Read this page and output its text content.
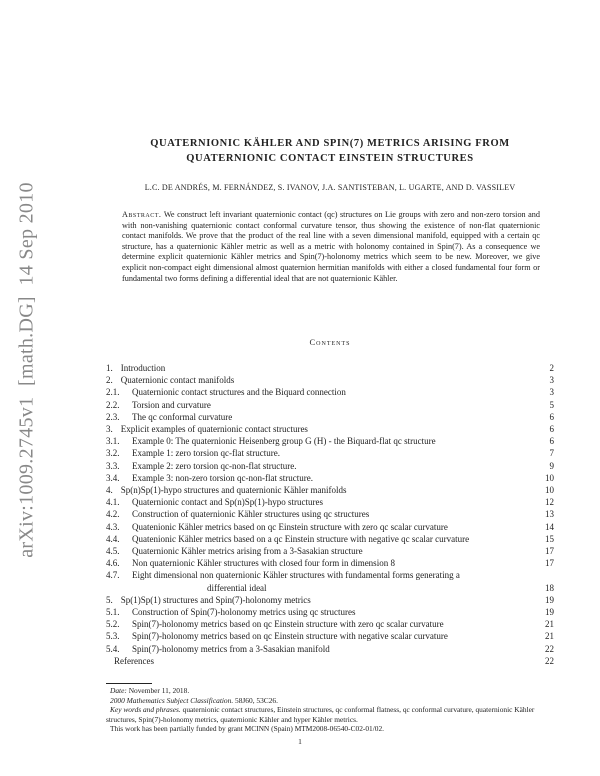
arXiv:1009.2745v1  [math.DG]  14 Sep 2010
QUATERNIONIC KÄHLER AND SPIN(7) METRICS ARISING FROM
QUATERNIONIC CONTACT EINSTEIN STRUCTURES
L.C. DE ANDRÉS, M. FERNÁNDEZ, S. IVANOV, J.A. SANTISTEBAN, L. UGARTE, AND D. VASSILEV
Abstract. We construct left invariant quaternionic contact (qc) structures on Lie groups with zero and non-zero torsion and with non-vanishing quaternionic contact conformal curvature tensor, thus showing the existence of non-flat quaternionic contact manifolds. We prove that the product of the real line with a seven dimensional manifold, equipped with a certain qc structure, has a quaternionic Kähler metric as well as a metric with holonomy contained in Spin(7). As a consequence we determine explicit quaternionic Kähler metrics and Spin(7)-holonomy metrics which seem to be new. Moreover, we give explicit non-compact eight dimensional almost quaternion hermitian manifolds with either a closed fundamental four form or fundamental two forms defining a differential ideal that are not quaternionic Kähler.
Contents
1. Introduction	2
2. Quaternionic contact manifolds	3
2.1.	Quaternionic contact structures and the Biquard connection	3
2.2.	Torsion and curvature	5
2.3.	The qc conformal curvature	6
3. Explicit examples of quaternionic contact structures	6
3.1.	Example 0: The quaternionic Heisenberg group G (H) - the Biquard-flat qc structure	6
3.2.	Example 1: zero torsion qc-flat structure.	7
3.3.	Example 2: zero torsion qc-non-flat structure.	9
3.4.	Example 3: non-zero torsion qc-non-flat structure.	10
4. Sp(n)Sp(1)-hypo structures and quaternionic Kähler manifolds	10
4.1.	Quaternionic contact and Sp(n)Sp(1)-hypo structures	12
4.2.	Construction of quaternionic Kähler structures using qc structures	13
4.3.	Quatenionic Kähler metrics based on qc Einstein structure with zero qc scalar curvature	14
4.4.	Quatenionic Kähler metrics based on a qc Einstein structure with negative qc scalar curvature	15
4.5.	Quaternionic Kähler metrics arising from a 3-Sasakian structure	17
4.6.	Non quaternionic Kähler structures with closed four form in dimension 8	17
4.7.	Eight dimensional non quaternionic Kähler structures with fundamental forms generating a
differential ideal	18
5. Sp(1)Sp(1) structures and Spin(7)-holonomy metrics	19
5.1.	Construction of Spin(7)-holonomy metrics using qc structures	19
5.2.	Spin(7)-holonomy metrics based on qc Einstein structure with zero qc scalar curvature	21
5.3.	Spin(7)-holonomy metrics based on qc Einstein structure with negative scalar curvature	21
5.4.	Spin(7)-holonomy metrics from a 3-Sasakian manifold	22
References	22
Date: November 11, 2018.
2000 Mathematics Subject Classification. 58J60, 53C26.
Key words and phrases. quaternionic contact structures, Einstein structures, qc conformal flatness, qc conformal curvature, quaternionic Kähler structures, Spin(7)-holonomy metrics, quaternionic Kähler and hyper Kähler metrics.
This work has been partially funded by grant MCINN (Spain) MTM2008-06540-C02-01/02.
1
